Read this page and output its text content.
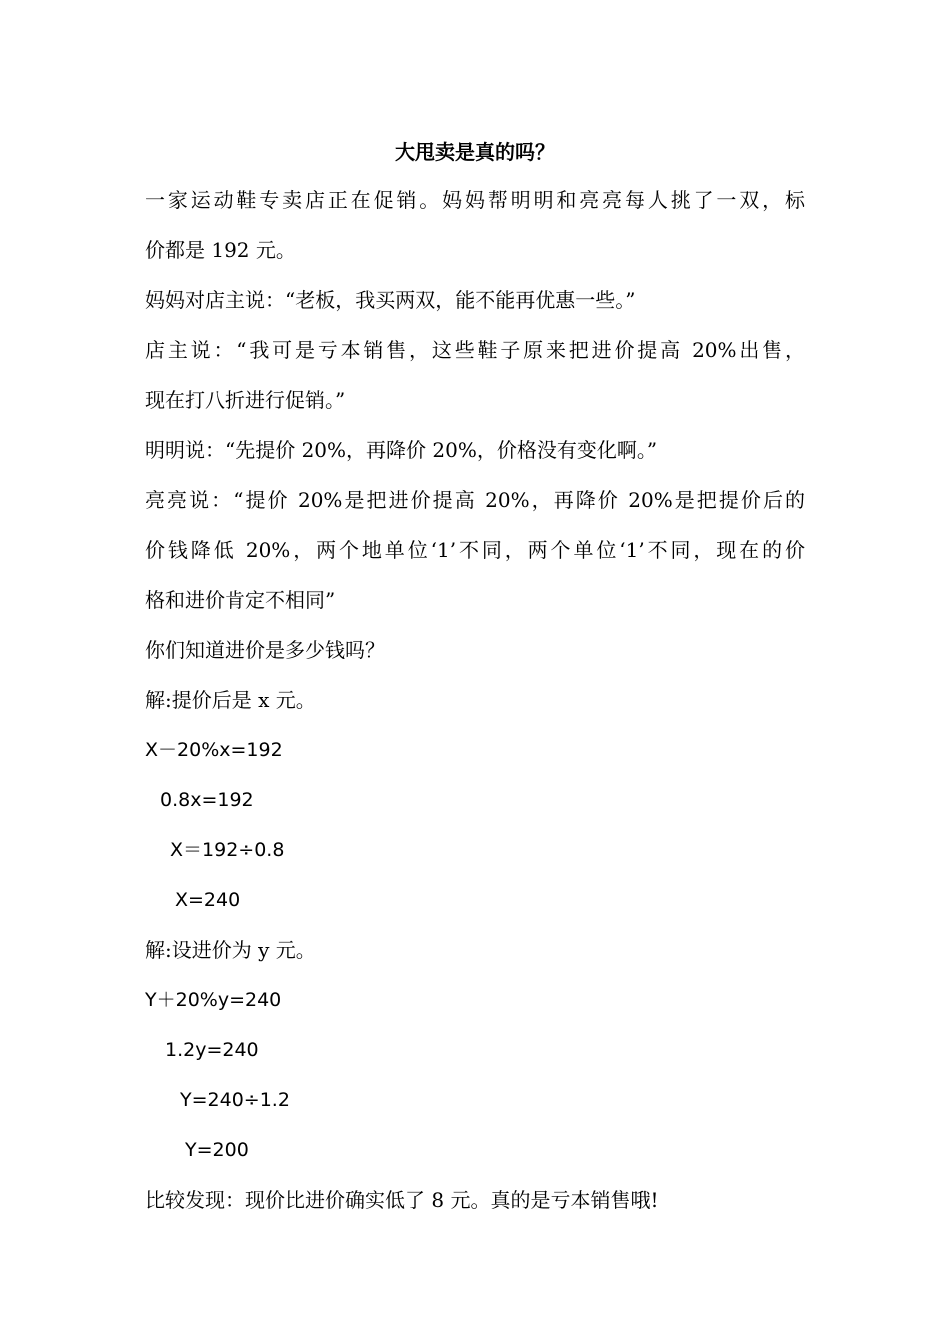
大甩卖是真的吗？
一家运动鞋专卖店正在促销。妈妈帮明明和亮亮每人挑了一双，标
价都是 192 元。
妈妈对店主说：“老板，我买两双，能不能再优惠一些。”
店主说：“我可是亏本销售，这些鞋子原来把进价提高 20%出售，
现在打八折进行促销。”
明明说：“先提价 20%，再降价 20%，价格没有变化啊。”
亮亮说：“提价 20%是把进价提高 20%，再降价 20%是把提价后的
价钱降低 20%，两个地单位‘1’不同，两个单位‘1’不同，现在的价
格和进价肯定不相同”
你们知道进价是多少钱吗？
解:提价后是 x 元。
X－20%x=192
0.8x=192
X＝192÷0.8
X=240
解:设进价为 y 元。
Y＋20%y=240
1.2y=240
Y=240÷1.2
Y=200
比较发现：现价比进价确实低了 8 元。真的是亏本销售哦!
